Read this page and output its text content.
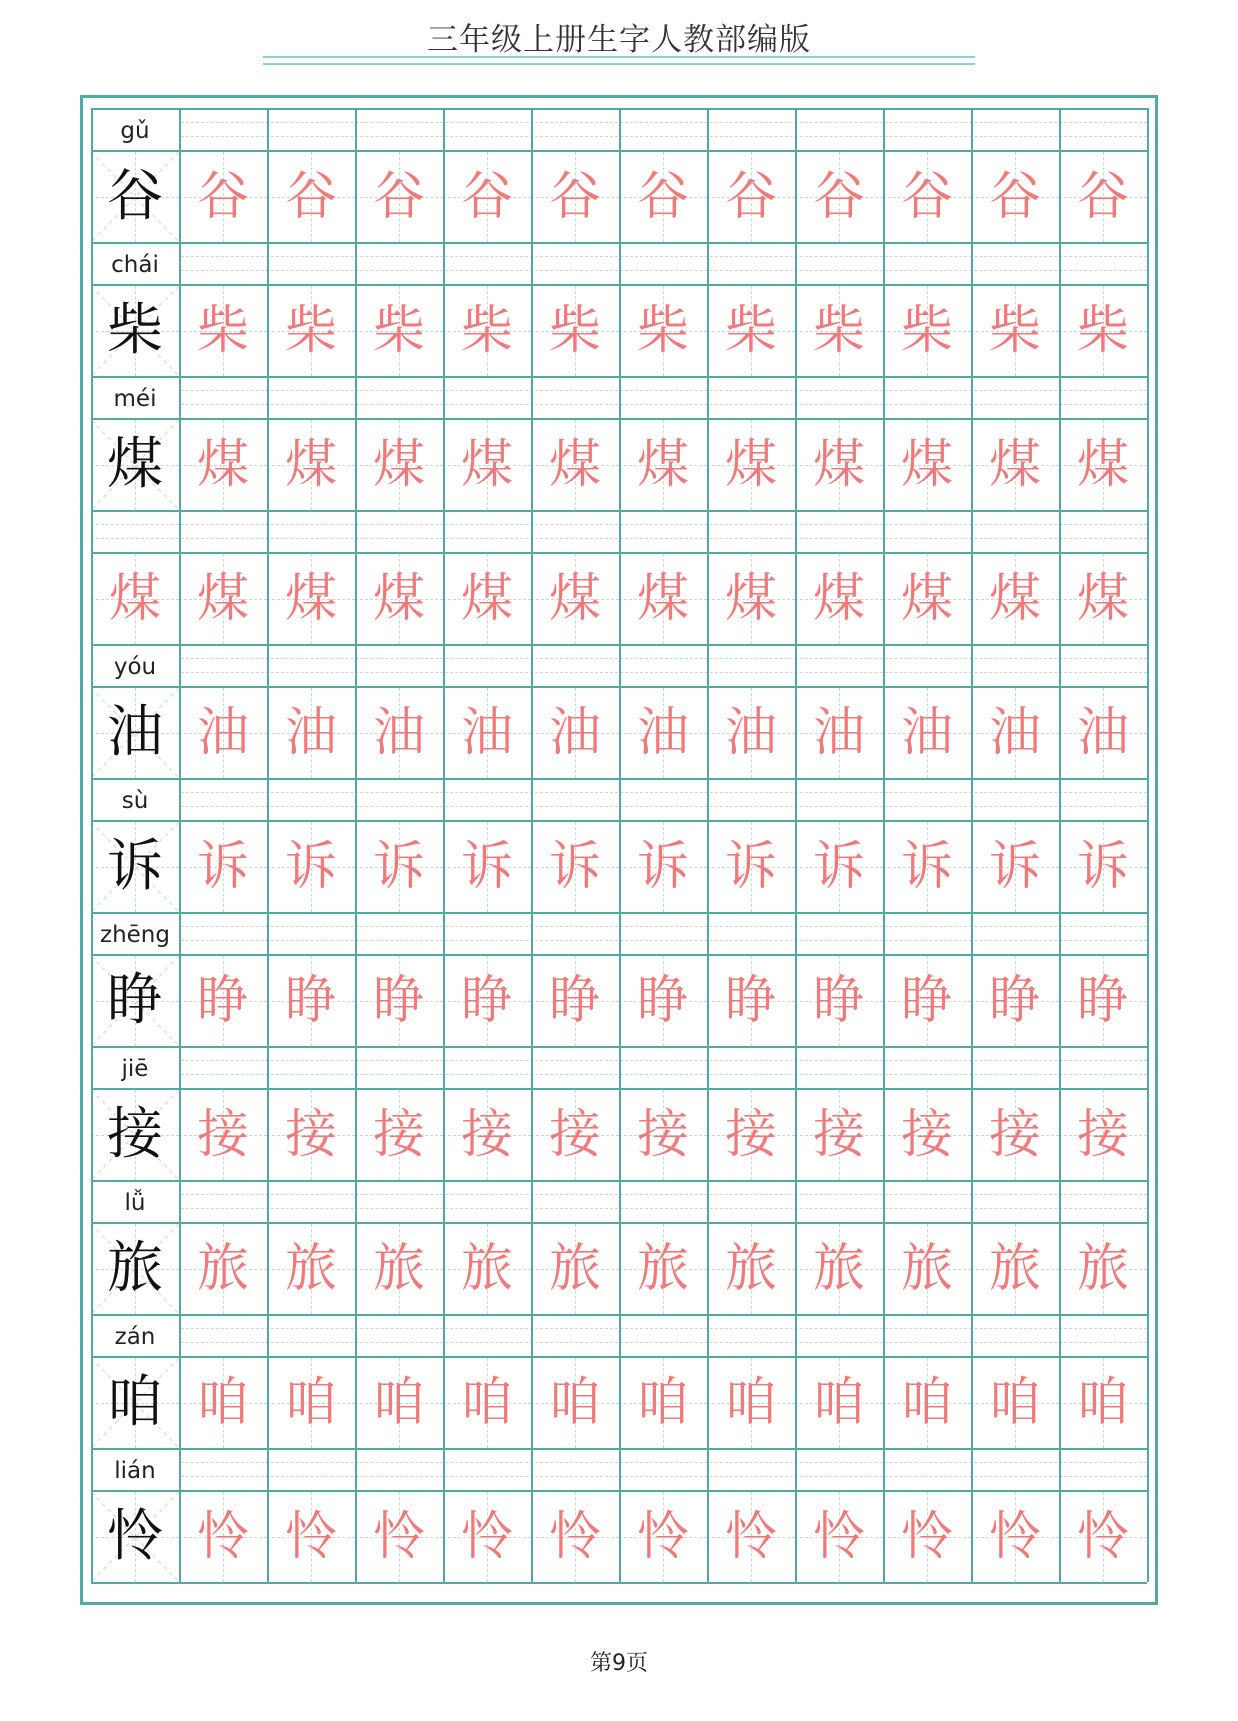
三年级上册生字人教部编版
gǔ
谷 谷 谷 谷 谷 谷 谷 谷 谷 谷 谷 谷
chái
柴 柴 柴 柴 柴 柴 柴 柴 柴 柴 柴 柴
méi
煤 煤 煤 煤 煤 煤 煤 煤 煤 煤 煤 煤
煤 煤 煤 煤 煤 煤 煤 煤 煤 煤 煤 煤
yóu
油 油 油 油 油 油 油 油 油 油 油 油
sù
诉 诉 诉 诉 诉 诉 诉 诉 诉 诉 诉 诉
zhēng
睁 睁 睁 睁 睁 睁 睁 睁 睁 睁 睁 睁
jiē
接 接 接 接 接 接 接 接 接 接 接 接
lǚ
旅 旅 旅 旅 旅 旅 旅 旅 旅 旅 旅 旅
zán
咱 咱 咱 咱 咱 咱 咱 咱 咱 咱 咱 咱
lián
怜 怜 怜 怜 怜 怜 怜 怜 怜 怜 怜 怜
第9页
